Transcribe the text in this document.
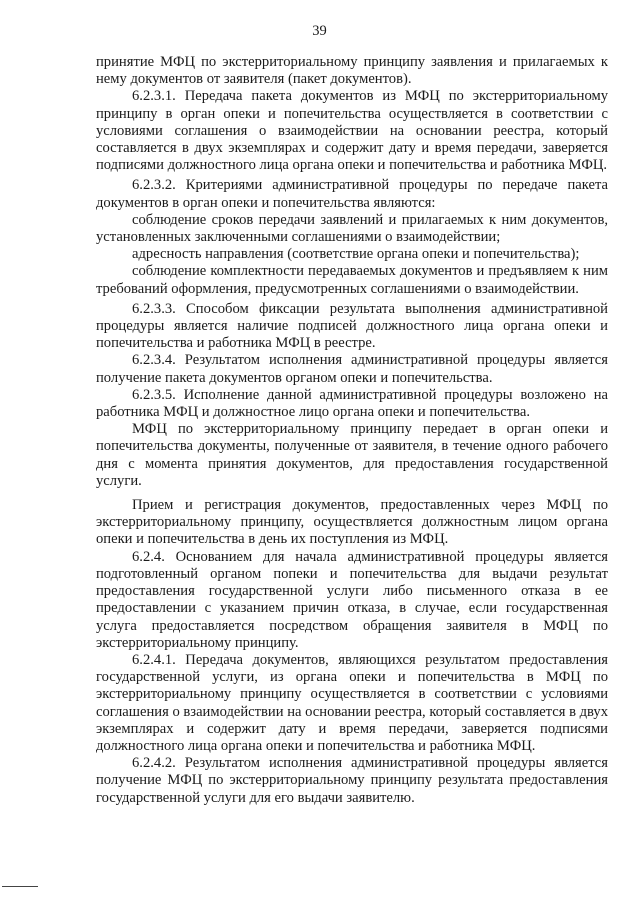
39

принятие МФЦ по экстерриториальному принципу заявления и прилагаемых к нему документов от заявителя (пакет документов).

6.2.3.1. Передача пакета документов из МФЦ по экстерриториальному принципу в орган опеки и попечительства осуществляется в соответствии с условиями соглашения о взаимодействии на основании реестра, который составляется в двух экземплярах и содержит дату и время передачи, заверяется подписями должностного лица органа опеки и попечительства и работника МФЦ.

6.2.3.2. Критериями административной процедуры по передаче пакета документов в орган опеки и попечительства являются:

соблюдение сроков передачи заявлений и прилагаемых к ним документов, установленных заключенными соглашениями о взаимодействии;

адресность направления (соответствие органа опеки и попечительства);

соблюдение комплектности передаваемых документов и предъявляем к ним требований оформления, предусмотренных соглашениями о взаимодействии.

6.2.3.3. Способом фиксации результата выполнения административной процедуры является наличие подписей должностного лица органа опеки и попечительства и работника МФЦ в реестре.

6.2.3.4. Результатом исполнения административной процедуры является получение пакета документов органом опеки и попечительства.

6.2.3.5. Исполнение данной административной процедуры возложено на работника МФЦ и должностное лицо органа опеки и попечительства.

МФЦ по экстерриториальному принципу передает в орган опеки и попечительства документы, полученные от заявителя, в течение одного рабочего дня с момента принятия документов, для предоставления государственной услуги.

Прием и регистрация документов, предоставленных через МФЦ по экстерриториальному принципу, осуществляется должностным лицом органа опеки и попечительства в день их поступления из МФЦ.

6.2.4. Основанием для начала административной процедуры является подготовленный органом попеки и попечительства для выдачи результат предоставления государственной услуги либо письменного отказа в ее предоставлении с указанием причин отказа, в случае, если государственная услуга предоставляется посредством обращения заявителя в МФЦ по экстерриториальному принципу.

6.2.4.1. Передача документов, являющихся результатом предоставления государственной услуги, из органа опеки и попечительства в МФЦ по экстерриториальному принципу осуществляется в соответствии с условиями соглашения о взаимодействии на основании реестра, который составляется в двух экземплярах и содержит дату и время передачи, заверяется подписями должностного лица органа опеки и попечительства и работника МФЦ.

6.2.4.2. Результатом исполнения административной процедуры является получение МФЦ по экстерриториальному принципу результата предоставления государственной услуги для его выдачи заявителю.
